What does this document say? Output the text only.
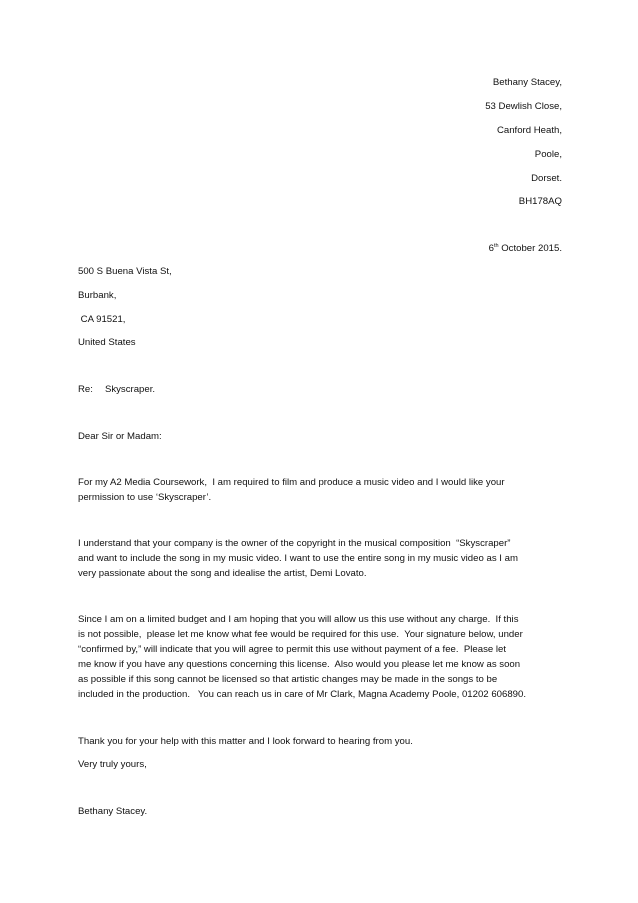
Bethany Stacey,
53 Dewlish Close,
Canford Heath,
Poole,
Dorset.
BH178AQ
6th October 2015.
500 S Buena Vista St,
Burbank,
CA 91521,
United States
Re: Skyscraper.
Dear Sir or Madam:
For my A2 Media Coursework,  I am required to film and produce a music video and I would like your
permission to use ‘Skyscraper’.
I understand that your company is the owner of the copyright in the musical composition  “Skyscraper”
and want to include the song in my music video. I want to use the entire song in my music video as I am
very passionate about the song and idealise the artist, Demi Lovato.
Since I am on a limited budget and I am hoping that you will allow us this use without any charge.  If this
is not possible,  please let me know what fee would be required for this use.  Your signature below, under
“confirmed by,” will indicate that you will agree to permit this use without payment of a fee.  Please let
me know if you have any questions concerning this license.  Also would you please let me know as soon
as possible if this song cannot be licensed so that artistic changes may be made in the songs to be
included in the production.   You can reach us in care of Mr Clark, Magna Academy Poole, 01202 606890.
Thank you for your help with this matter and I look forward to hearing from you.
Very truly yours,
Bethany Stacey.
